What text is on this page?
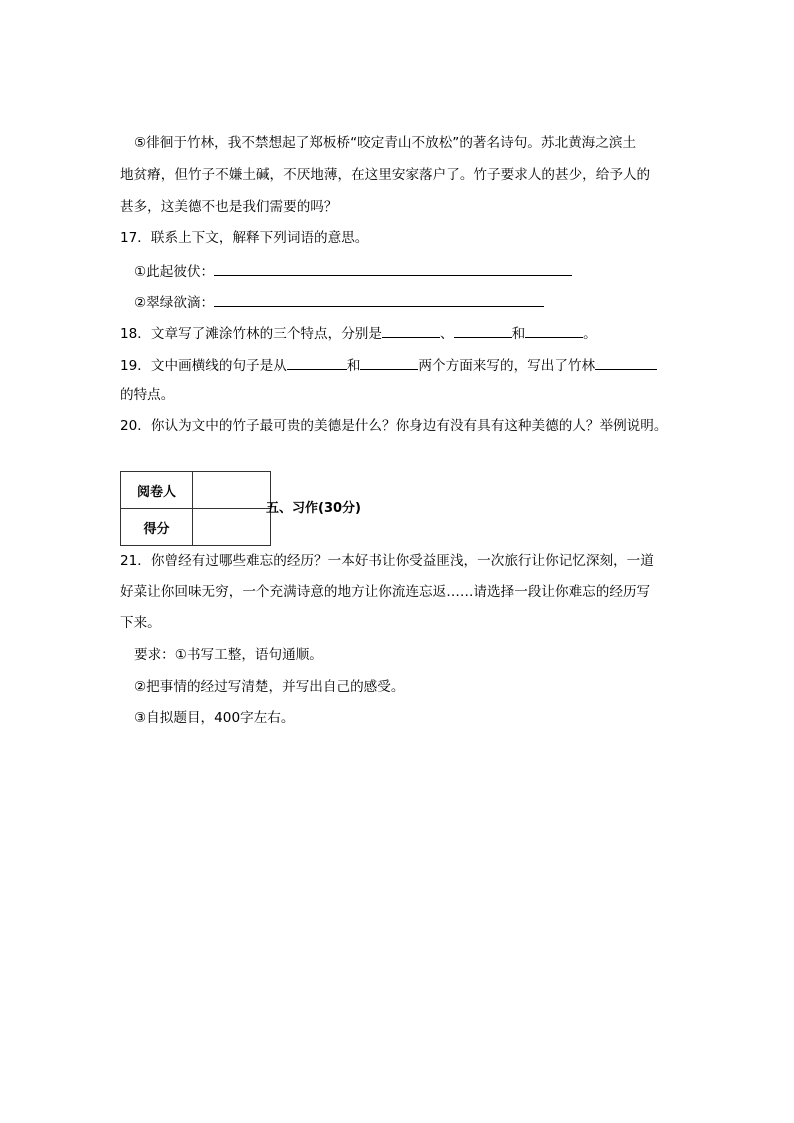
⑤徘徊于竹林，我不禁想起了郑板桥“咬定青山不放松”的著名诗句。苏北黄海之滨土
地贫瘠，但竹子不嫌土碱，不厌地薄，在这里安家落户了。竹子要求人的甚少，给予人的
甚多，这美德不也是我们需要的吗？
17．联系上下文，解释下列词语的意思。
①此起彼伏：
②翠绿欲滴：
18．文章写了滩涂竹林的三个特点，分别是	、	和	。
19．文中画横线的句子是从	和	两个方面来写的，写出了竹林
的特点。
20．你认为文中的竹子最可贵的美德是什么？你身边有没有具有这种美德的人？举例说明。
阅卷人	
得分	
五、习作(30分)
21．你曾经有过哪些难忘的经历？一本好书让你受益匪浅，一次旅行让你记忆深刻，一道
好菜让你回味无穷，一个充满诗意的地方让你流连忘返……请选择一段让你难忘的经历写
下来。
要求：①书写工整，语句通顺。
②把事情的经过写清楚，并写出自己的感受。
③自拟题目，400字左右。
